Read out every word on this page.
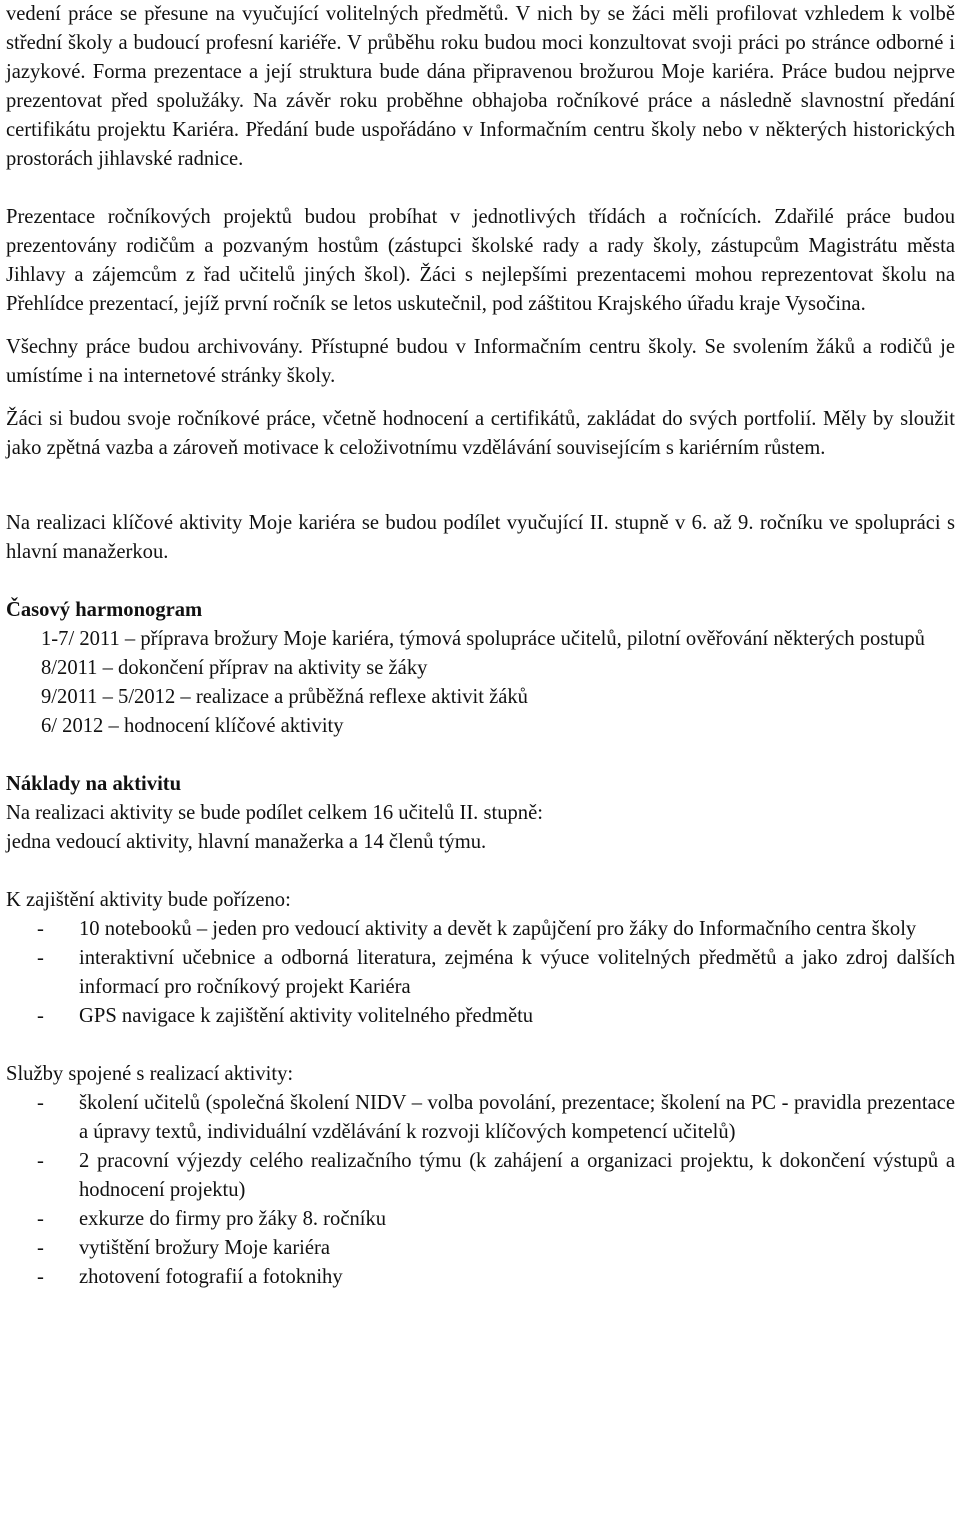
vedení práce se přesune na vyučující volitelných předmětů. V nich by se žáci měli profilovat vzhledem k volbě střední školy a budoucí profesní kariéře. V průběhu roku budou moci konzultovat svoji práci po stránce odborné i jazykové. Forma prezentace a její struktura bude dána připravenou brožurou Moje kariéra. Práce budou nejprve prezentovat před spolužáky. Na závěr roku proběhne obhajoba ročníkové práce a následně slavnostní předání certifikátu projektu Kariéra. Předání bude uspořádáno v Informačním centru školy nebo v některých historických prostorách jihlavské radnice.

Prezentace ročníkových projektů budou probíhat v jednotlivých třídách a ročnících. Zdařilé práce budou prezentovány rodičům a pozvaným hostům (zástupci školské rady a rady školy, zástupcům Magistrátu města Jihlavy a zájemcům z řad učitelů jiných škol). Žáci s nejlepšími prezentacemi mohou reprezentovat školu na Přehlídce prezentací, jejíž první ročník se letos uskutečnil, pod záštitou Krajského úřadu kraje Vysočina.

Všechny práce budou archivovány. Přístupné budou v Informačním centru školy. Se svolením žáků a rodičů je umístíme i na internetové stránky školy.

Žáci si budou svoje ročníkové práce, včetně hodnocení a certifikátů, zakládat do svých portfolií. Měly by sloužit jako zpětná vazba a zároveň motivace k celoživotnímu vzdělávání souvisejícím s kariérním růstem.

Na realizaci klíčové aktivity Moje kariéra se budou podílet vyučující II. stupně v 6. až 9. ročníku ve spolupráci s hlavní manažerkou.

Časový harmonogram
1-7/ 2011 – příprava brožury Moje kariéra, týmová spolupráce učitelů, pilotní ověřování některých postupů
8/2011 – dokončení příprav na aktivity se žáky
9/2011 – 5/2012 – realizace a průběžná reflexe aktivit žáků
6/ 2012 – hodnocení klíčové aktivity
Náklady na aktivitu

Na realizaci aktivity se bude podílet celkem 16 učitelů II. stupně:

jedna vedoucí aktivity, hlavní manažerka a 14 členů týmu.

K zajištění aktivity bude pořízeno:

- 10 notebooků – jeden pro vedoucí aktivity a devět k zapůjčení pro žáky do Informačního centra školy
- interaktivní učebnice a odborná literatura, zejména k výuce volitelných předmětů a jako zdroj dalších informací pro ročníkový projekt Kariéra
- GPS navigace k zajištění aktivity volitelného předmětu

Služby spojené s realizací aktivity:

- školení učitelů (společná školení NIDV – volba povolání, prezentace; školení na PC - pravidla prezentace a úpravy textů, individuální vzdělávání k rozvoji klíčových kompetencí učitelů)
- 2 pracovní výjezdy celého realizačního týmu (k zahájení a organizaci projektu, k dokončení výstupů a hodnocení projektu)
- exkurze do firmy pro žáky 8. ročníku
- vytištění brožury Moje kariéra
- zhotovení fotografií a fotoknihy
